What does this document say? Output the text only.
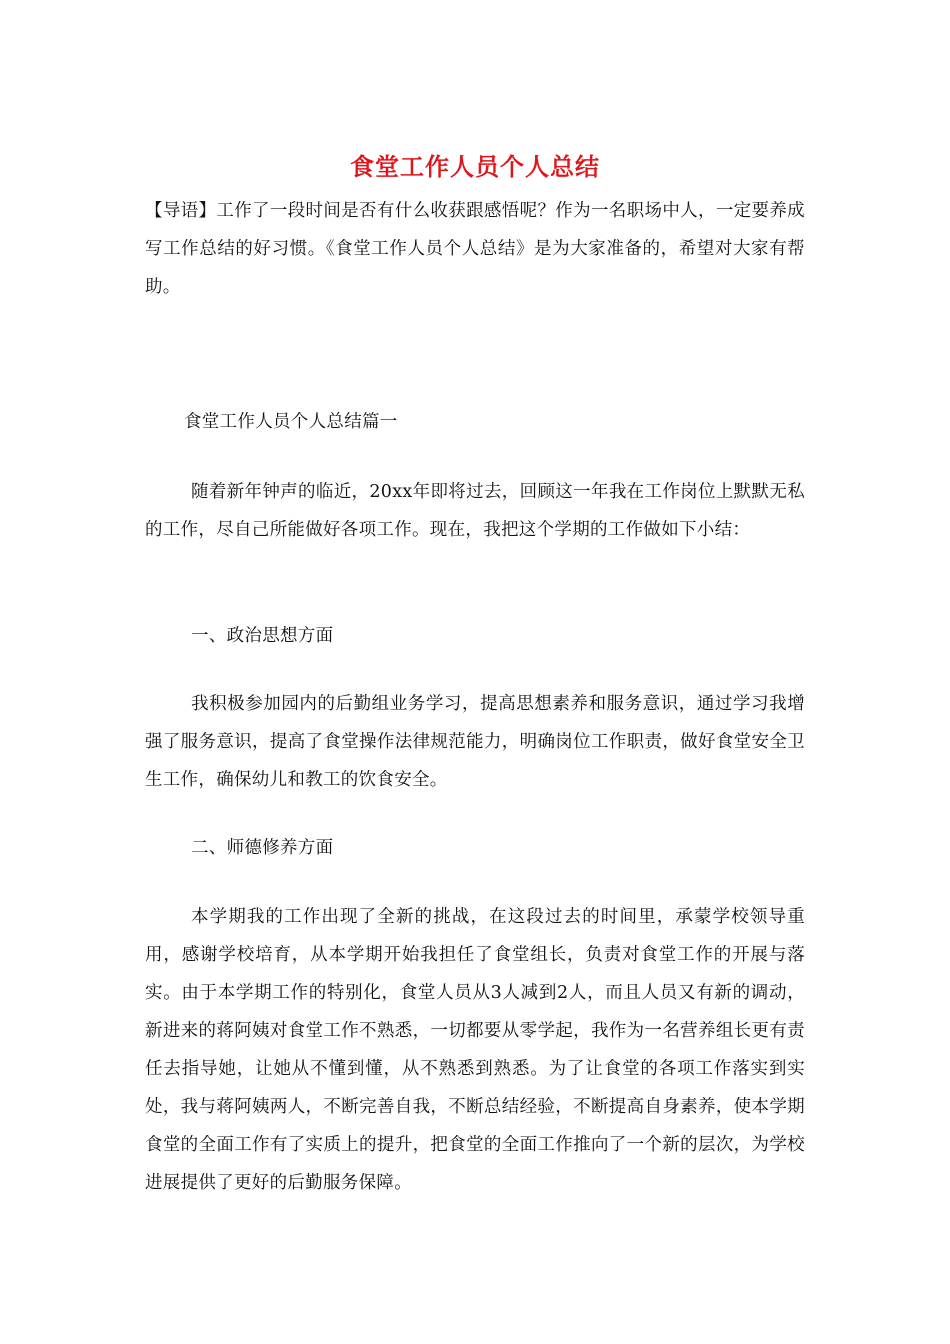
食堂工作人员个人总结

【导语】工作了一段时间是否有什么收获跟感悟呢？作为一名职场中人，一定要养成写工作总结的好习惯。《食堂工作人员个人总结》是为大家准备的，希望对大家有帮助。

食堂工作人员个人总结篇一

随着新年钟声的临近，20xx年即将过去，回顾这一年我在工作岗位上默默无私的工作，尽自己所能做好各项工作。现在，我把这个学期的工作做如下小结：

一、政治思想方面

我积极参加园内的后勤组业务学习，提高思想素养和服务意识，通过学习我增强了服务意识，提高了食堂操作法律规范能力，明确岗位工作职责，做好食堂安全卫生工作，确保幼儿和教工的饮食安全。

二、师德修养方面

本学期我的工作出现了全新的挑战，在这段过去的时间里，承蒙学校领导重用，感谢学校培育，从本学期开始我担任了食堂组长，负责对食堂工作的开展与落实。由于本学期工作的特别化，食堂人员从3人减到2人，而且人员又有新的调动，新进来的蒋阿姨对食堂工作不熟悉，一切都要从零学起，我作为一名营养组长更有责任去指导她，让她从不懂到懂，从不熟悉到熟悉。为了让食堂的各项工作落实到实处，我与蒋阿姨两人，不断完善自我，不断总结经验，不断提高自身素养，使本学期食堂的全面工作有了实质上的提升，把食堂的全面工作推向了一个新的层次，为学校进展提供了更好的后勤服务保障。
